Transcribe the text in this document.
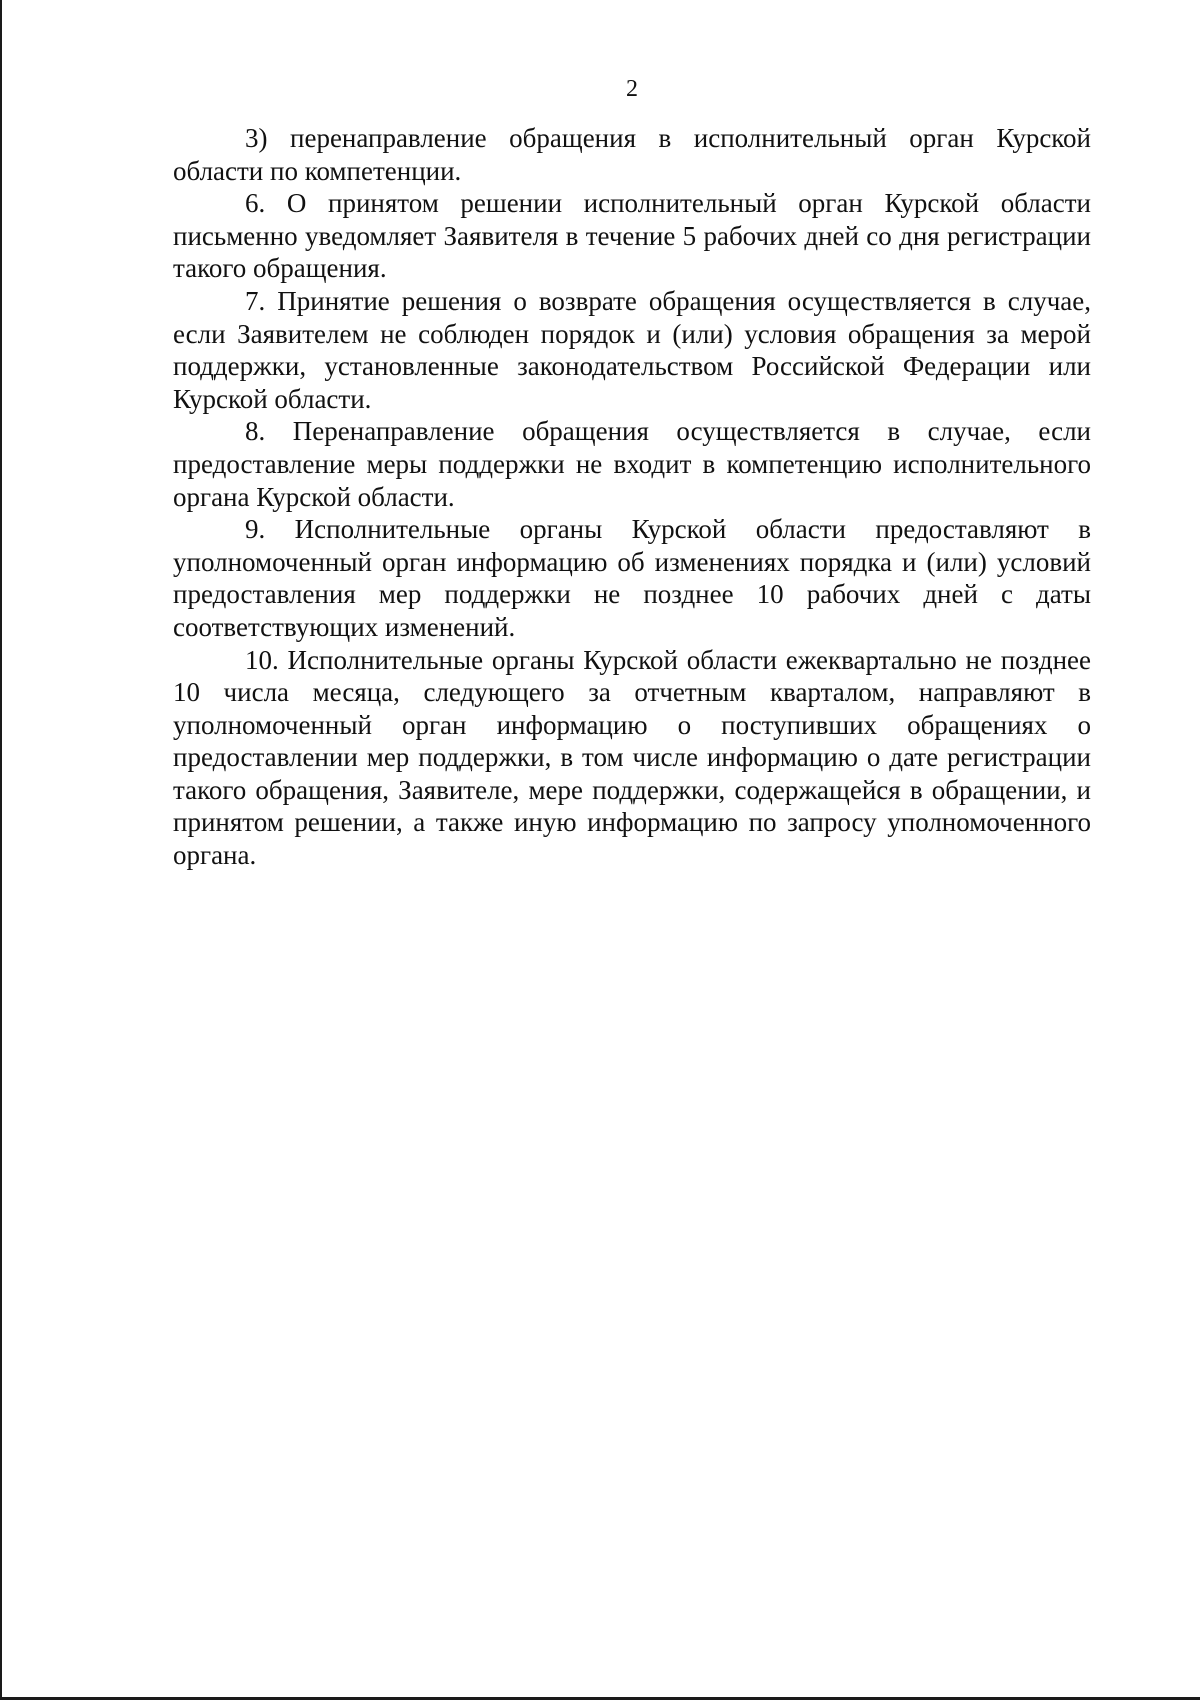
2

3) перенаправление обращения в исполнительный орган Курской области по компетенции.

6. О принятом решении исполнительный орган Курской области письменно уведомляет Заявителя в течение 5 рабочих дней со дня регистрации такого обращения.

7. Принятие решения о возврате обращения осуществляется в случае, если Заявителем не соблюден порядок и (или) условия обращения за мерой поддержки, установленные законодательством Российской Федерации или Курской области.

8. Перенаправление обращения осуществляется в случае, если предоставление меры поддержки не входит в компетенцию исполнительного органа Курской области.

9. Исполнительные органы Курской области предоставляют в уполномоченный орган информацию об изменениях порядка и (или) условий предоставления мер поддержки не позднее 10 рабочих дней с даты соответствующих изменений.

10. Исполнительные органы Курской области ежеквартально не позднее 10 числа месяца, следующего за отчетным кварталом, направляют в уполномоченный орган информацию о поступивших обращениях о предоставлении мер поддержки, в том числе информацию о дате регистрации такого обращения, Заявителе, мере поддержки, содержащейся в обращении, и принятом решении, а также иную информацию по запросу уполномоченного органа.
